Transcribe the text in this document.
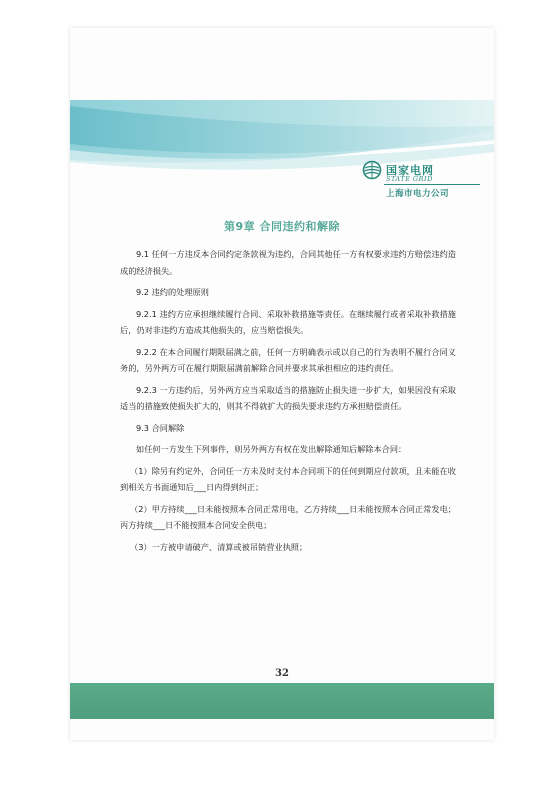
国家电网
STATE GRID
上海市电力公司
第9章 合同违约和解除

9.1 任何一方违反本合同约定条款视为违约，合同其他任一方有权要求违约方赔偿违约造成的经济损失。

9.2 违约的处理原则

9.2.1 违约方应承担继续履行合同、采取补救措施等责任。在继续履行或者采取补救措施后，仍对非违约方造成其他损失的，应当赔偿损失。

9.2.2 在本合同履行期限届满之前，任何一方明确表示或以自己的行为表明不履行合同义务的，另外两方可在履行期限届满前解除合同并要求其承担相应的违约责任。

9.2.3 一方违约后，另外两方应当采取适当的措施防止损失进一步扩大，如果因没有采取适当的措施致使损失扩大的，则其不得就扩大的损失要求违约方承担赔偿责任。

9.3 合同解除

如任何一方发生下列事件，则另外两方有权在发出解除通知后解除本合同：

（1）除另有约定外，合同任一方未及时支付本合同项下的任何到期应付款项，且未能在收到相关方书面通知后___日内得到纠正；

（2）甲方持续___日未能按照本合同正常用电，乙方持续___日未能按照本合同正常发电；丙方持续___日不能按照本合同安全供电；

（3）一方被申请破产、清算或被吊销营业执照；

32
